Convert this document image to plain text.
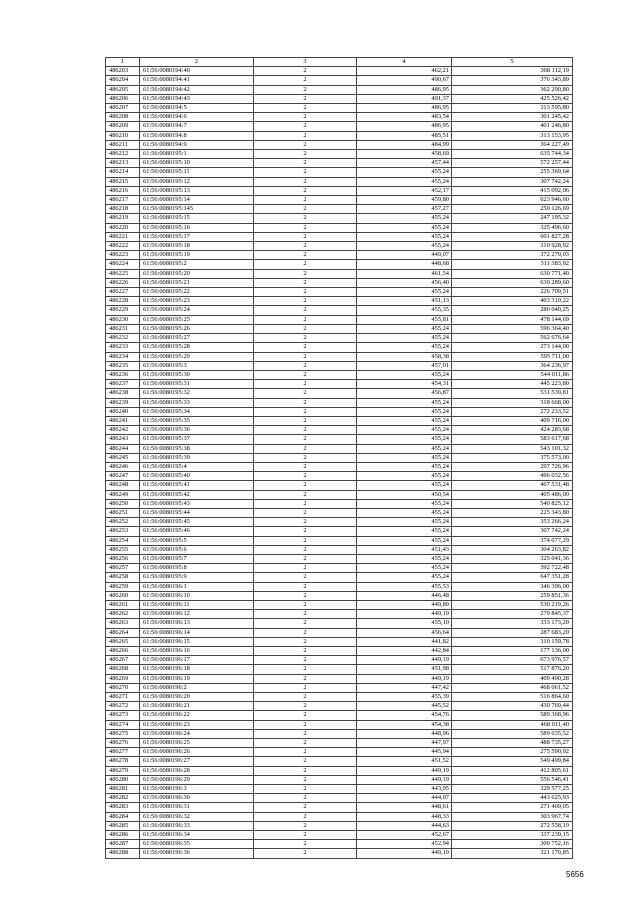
1	2	3	4	5
486203	61:56:0080194:40	2	462,21	308 112,19
486204	61:56:0080194:41	2	490,67	376 343,89
486205	61:56:0080194:42	2	486,95	362 290,80
486206	61:56:0080194:43	2	491,37	425 526,42
486207	61:56:0080194:5	2	486,95	313 595,80
486208	61:56:0080194:6	2	483,54	301 245,42
486209	61:56:0080194:7	2	486,95	401 246,80
486210	61:56:0080194:8	2	485,51	313 153,95
486211	61:56:0080194:9	2	484,99	364 227,49
486212	61:56:0080195:1	2	458,69	635 744,34
486213	61:56:0080195:10	2	457,44	572 257,44
486214	61:56:0080195:11	2	455,24	255 369,64
486215	61:56:0080195:12	2	455,24	307 742,24
486216	61:56:0080195:13	2	452,17	415 092,06
486217	61:56:0080195:14	2	459,80	623 946,60
486218	61:56:0080195:145	2	457,27	250 126,69
486219	61:56:0080195:15	2	455,24	247 195,32
486220	61:56:0080195:16	2	455,24	325 496,60
486221	61:56:0080195:17	2	455,24	601 827,28
486222	61:56:0080195:18	2	455,24	310 928,92
486223	61:56:0080195:19	2	449,07	372 279,03
486224	61:56:0080195:2	2	448,68	311 383,92
486225	61:56:0080195:20	2	461,54	630 771,40
486226	61:56:0080195:21	2	456,40	630 289,60
486227	61:56:0080195:22	2	455,24	226 709,51
486228	61:56:0080195:23	2	451,13	403 310,22
486229	61:56:0080195:24	2	455,35	280 040,25
486230	61:56:0080195:25	2	455,81	478 144,69
486231	61:56:0080195:26	2	455,24	596 364,40
486232	61:56:0080195:27	2	455,24	562 676,64
486233	61:56:0080195:28	2	455,24	273 144,00
486234	61:56:0080195:29	2	458,38	595 711,00
486235	61:56:0080195:3	2	457,01	364 236,97
486236	61:56:0080195:30	2	455,24	544 011,86
486237	61:56:0080195:31	2	454,31	445 223,80
486238	61:56:0080195:32	2	456,87	531 539,81
486239	61:56:0080195:33	2	455,24	318 668,00
486240	61:56:0080195:34	2	455,24	272 233,52
486241	61:56:0080195:35	2	455,24	409 716,00
486242	61:56:0080195:36	2	455,24	424 283,68
486243	61:56:0080195:37	2	455,24	583 617,68
486244	61:56:0080195:38	2	455,24	543 101,32
486245	61:56:0080195:39	2	455,24	375 573,00
486246	61:56:0080195:4	2	455,24	297 726,96
486247	61:56:0080195:40	2	455,24	496 032,56
486248	61:56:0080195:41	2	455,24	467 531,48
486249	61:56:0080195:42	2	450,54	405 486,00
486250	61:56:0080195:43	2	455,24	540 825,12
486251	61:56:0080195:44	2	455,24	225 343,80
486252	61:56:0080195:45	2	455,24	353 266,24
486253	61:56:0080195:46	2	455,24	307 742,24
486254	61:56:0080195:5	2	455,24	374 077,29
486255	61:56:0080195:6	2	451,43	304 263,82
486256	61:56:0080195:7	2	455,24	325 041,36
486257	61:56:0080195:8	2	455,24	392 722,48
486258	61:56:0080195:9	2	455,24	647 351,28
486259	61:56:0080196:1	2	455,53	346 396,00
486260	61:56:0080196:10	2	446,48	259 851,36
486261	61:56:0080196:11	2	449,89	530 219,26
486262	61:56:0080196:12	2	449,19	279 845,37
486263	61:56:0080196:13	2	455,10	333 173,20
486264	61:56:0080196:14	2	456,64	287 683,20
486265	61:56:0080196:15	2	441,82	310 159,78
486266	61:56:0080196:16	2	442,84	177 136,00
486267	61:56:0080196:17	2	449,19	673 976,57
486268	61:56:0080196:18	2	451,98	517 876,20
486269	61:56:0080196:19	2	449,19	409 490,28
486270	61:56:0080196:2	2	447,42	468 061,52
486271	61:56:0080196:20	2	455,39	516 864,60
486272	61:56:0080196:21	2	445,52	430 769,44
486273	61:56:0080196:22	2	454,76	589 368,96
486274	61:56:0080196:23	2	454,38	468 011,40
486275	61:56:0080196:24	2	448,96	589 035,52
486276	61:56:0080196:25	2	447,97	488 735,27
486277	61:56:0080196:26	2	445,94	275 590,92
486278	61:56:0080196:27	2	451,52	549 499,84
486279	61:56:0080196:28	2	449,19	412 805,61
486280	61:56:0080196:29	2	449,19	556 546,41
486281	61:56:0080196:3	2	443,95	329 577,25
486282	61:56:0080196:30	2	444,07	443 625,93
486283	61:56:0080196:31	2	448,61	271 409,05
486284	61:56:0080196:32	2	448,33	303 967,74
486285	61:56:0080196:33	2	444,63	272 558,19
486286	61:56:0080196:34	2	452,67	337 239,15
486287	61:56:0080196:35	2	452,94	300 752,16
486288	61:56:0080196:36	2	449,19	321 170,85
5656
